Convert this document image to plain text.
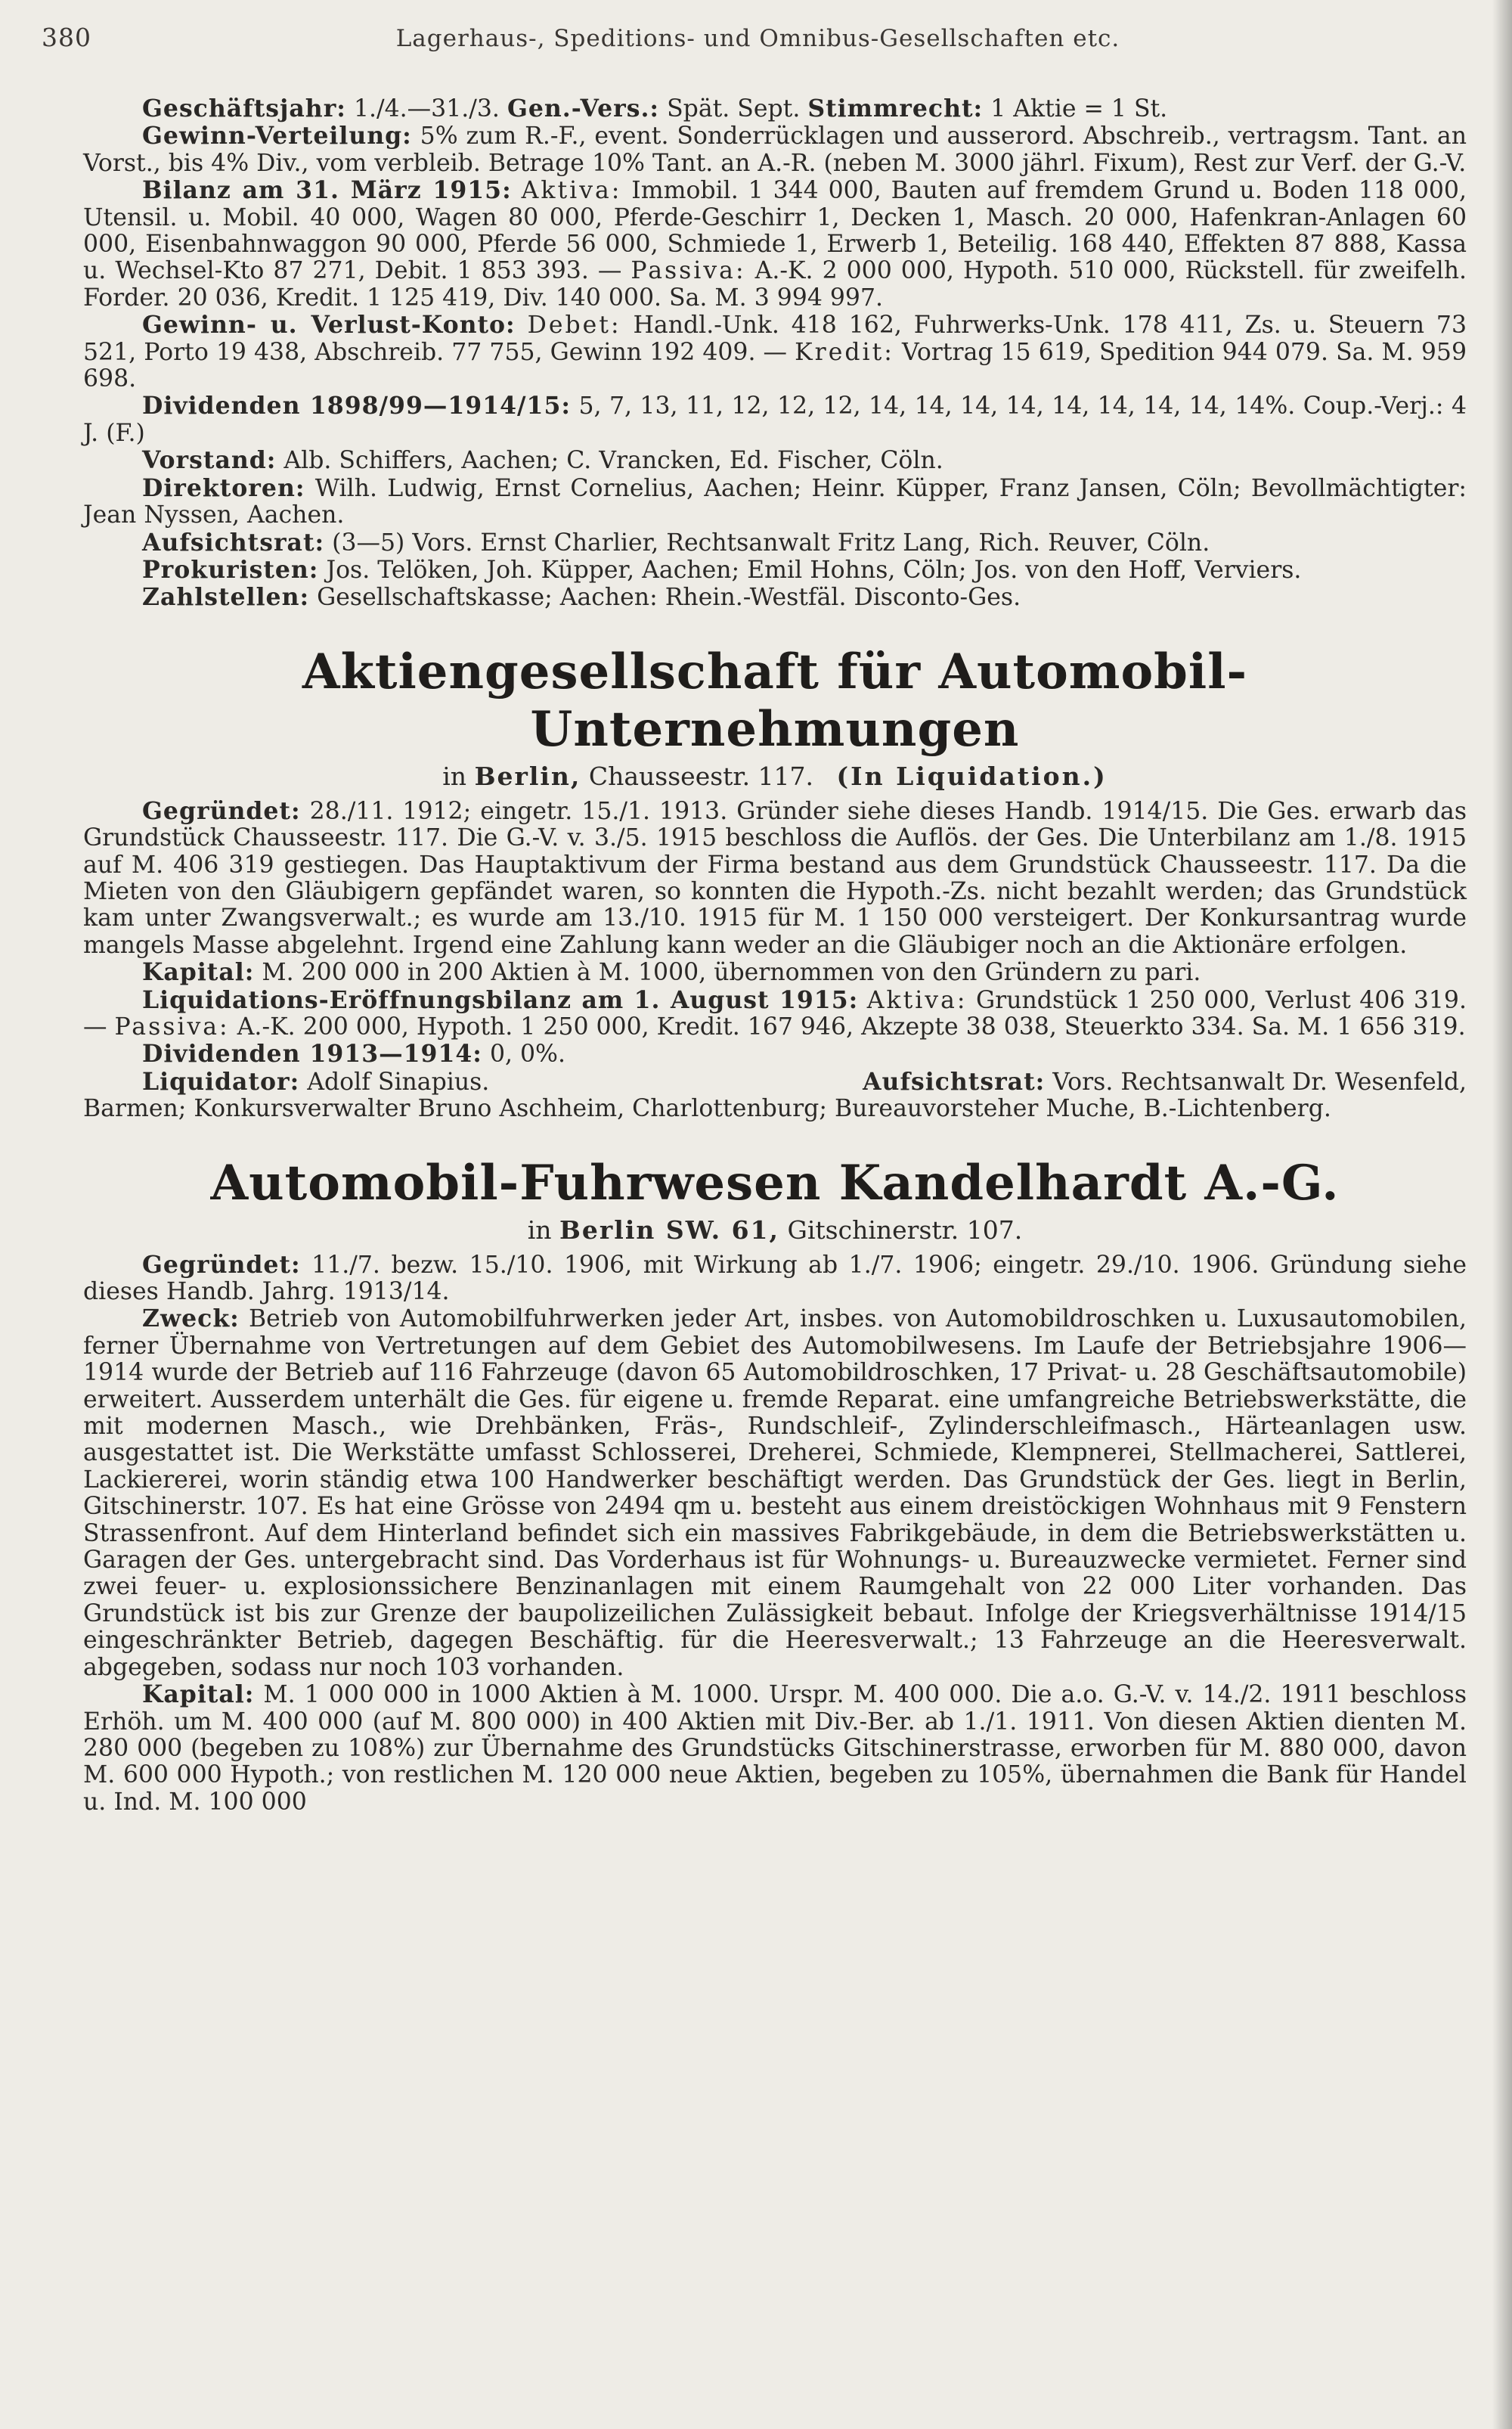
380	Lagerhaus-, Speditions- und Omnibus-Gesellschaften etc.

Geschäftsjahr: 1./4.—31./3. Gen.-Vers.: Spät. Sept. Stimmrecht: 1 Aktie = 1 St.

Gewinn-Verteilung: 5% zum R.-F., event. Sonderrücklagen und ausserord. Abschreib., vertragsm. Tant. an Vorst., bis 4% Div., vom verbleib. Betrage 10% Tant. an A.-R. (neben M. 3000 jährl. Fixum), Rest zur Verf. der G.-V.

Bilanz am 31. März 1915: Aktiva: Immobil. 1 344 000, Bauten auf fremdem Grund u. Boden 118 000, Utensil. u. Mobil. 40 000, Wagen 80 000, Pferde-Geschirr 1, Decken 1, Masch. 20 000, Hafenkran-Anlagen 60 000, Eisenbahnwaggon 90 000, Pferde 56 000, Schmiede 1, Erwerb 1, Beteilig. 168 440, Effekten 87 888, Kassa u. Wechsel-Kto 87 271, Debit. 1 853 393. — Passiva: A.-K. 2 000 000, Hypoth. 510 000, Rückstell. für zweifelh. Forder. 20 036, Kredit. 1 125 419, Div. 140 000. Sa. M. 3 994 997.

Gewinn- u. Verlust-Konto: Debet: Handl.-Unk. 418 162, Fuhrwerks-Unk. 178 411, Zs. u. Steuern 73 521, Porto 19 438, Abschreib. 77 755, Gewinn 192 409. — Kredit: Vortrag 15 619, Spedition 944 079. Sa. M. 959 698.

Dividenden 1898/99—1914/15: 5, 7, 13, 11, 12, 12, 12, 14, 14, 14, 14, 14, 14, 14, 14, 14%. Coup.-Verj.: 4 J. (F.)

Vorstand: Alb. Schiffers, Aachen; C. Vrancken, Ed. Fischer, Cöln.

Direktoren: Wilh. Ludwig, Ernst Cornelius, Aachen; Heinr. Küpper, Franz Jansen, Cöln; Bevollmächtigter: Jean Nyssen, Aachen.

Aufsichtsrat: (3—5) Vors. Ernst Charlier, Rechtsanwalt Fritz Lang, Rich. Reuver, Cöln.

Prokuristen: Jos. Telöken, Joh. Küpper, Aachen; Emil Hohns, Cöln; Jos. von den Hoff, Verviers.

Zahlstellen: Gesellschaftskasse; Aachen: Rhein.-Westfäl. Disconto-Ges.

Aktiengesellschaft für Automobil-Unternehmungen
in Berlin, Chausseestr. 117. (In Liquidation.)

Gegründet: 28./11. 1912; eingetr. 15./1. 1913. Gründer siehe dieses Handb. 1914/15. Die Ges. erwarb das Grundstück Chausseestr. 117. Die G.-V. v. 3./5. 1915 beschloss die Auflös. der Ges. Die Unterbilanz am 1./8. 1915 auf M. 406 319 gestiegen. Das Hauptaktivum der Firma bestand aus dem Grundstück Chausseestr. 117. Da die Mieten von den Gläubigern gepfändet waren, so konnten die Hypoth.-Zs. nicht bezahlt werden; das Grundstück kam unter Zwangsverwalt.; es wurde am 13./10. 1915 für M. 1 150 000 versteigert. Der Konkursantrag wurde mangels Masse abgelehnt. Irgend eine Zahlung kann weder an die Gläubiger noch an die Aktionäre erfolgen.

Kapital: M. 200 000 in 200 Aktien à M. 1000, übernommen von den Gründern zu pari.

Liquidations-Eröffnungsbilanz am 1. August 1915: Aktiva: Grundstück 1 250 000, Verlust 406 319. — Passiva: A.-K. 200 000, Hypoth. 1 250 000, Kredit. 167 946, Akzepte 38 038, Steuerkto 334. Sa. M. 1 656 319.

Dividenden 1913—1914: 0, 0%.

Liquidator: Adolf Sinapius.	Aufsichtsrat: Vors. Rechtsanwalt Dr. Wesenfeld,

Barmen; Konkursverwalter Bruno Aschheim, Charlottenburg; Bureauvorsteher Muche, B.-Lichtenberg.

Automobil-Fuhrwesen Kandelhardt A.-G.
in Berlin SW. 61, Gitschinerstr. 107.

Gegründet: 11./7. bezw. 15./10. 1906, mit Wirkung ab 1./7. 1906; eingetr. 29./10. 1906. Gründung siehe dieses Handb. Jahrg. 1913/14.

Zweck: Betrieb von Automobilfuhrwerken jeder Art, insbes. von Automobildroschken u. Luxusautomobilen, ferner Übernahme von Vertretungen auf dem Gebiet des Automobilwesens. Im Laufe der Betriebsjahre 1906—1914 wurde der Betrieb auf 116 Fahrzeuge (davon 65 Automobildroschken, 17 Privat- u. 28 Geschäftsautomobile) erweitert. Ausserdem unterhält die Ges. für eigene u. fremde Reparat. eine umfangreiche Betriebswerkstätte, die mit modernen Masch., wie Drehbänken, Fräs-, Rundschleif-, Zylinderschleifmasch., Härteanlagen usw. ausgestattet ist. Die Werkstätte umfasst Schlosserei, Dreherei, Schmiede, Klempnerei, Stellmacherei, Sattlerei, Lackiererei, worin ständig etwa 100 Handwerker beschäftigt werden. Das Grundstück der Ges. liegt in Berlin, Gitschinerstr. 107. Es hat eine Grösse von 2494 qm u. besteht aus einem dreistöckigen Wohnhaus mit 9 Fenstern Strassenfront. Auf dem Hinterland befindet sich ein massives Fabrikgebäude, in dem die Betriebswerkstätten u. Garagen der Ges. untergebracht sind. Das Vorderhaus ist für Wohnungs- u. Bureauzwecke vermietet. Ferner sind zwei feuer- u. explosionssichere Benzinanlagen mit einem Raumgehalt von 22 000 Liter vorhanden. Das Grundstück ist bis zur Grenze der baupolizeilichen Zulässigkeit bebaut. Infolge der Kriegsverhältnisse 1914/15 eingeschränkter Betrieb, dagegen Beschäftig. für die Heeresverwalt.; 13 Fahrzeuge an die Heeresverwalt. abgegeben, sodass nur noch 103 vorhanden.

Kapital: M. 1 000 000 in 1000 Aktien à M. 1000. Urspr. M. 400 000. Die a.o. G.-V. v. 14./2. 1911 beschloss Erhöh. um M. 400 000 (auf M. 800 000) in 400 Aktien mit Div.-Ber. ab 1./1. 1911. Von diesen Aktien dienten M. 280 000 (begeben zu 108%) zur Übernahme des Grundstücks Gitschinerstrasse, erworben für M. 880 000, davon M. 600 000 Hypoth.; von restlichen M. 120 000 neue Aktien, begeben zu 105%, übernahmen die Bank für Handel u. Ind. M. 100 000
